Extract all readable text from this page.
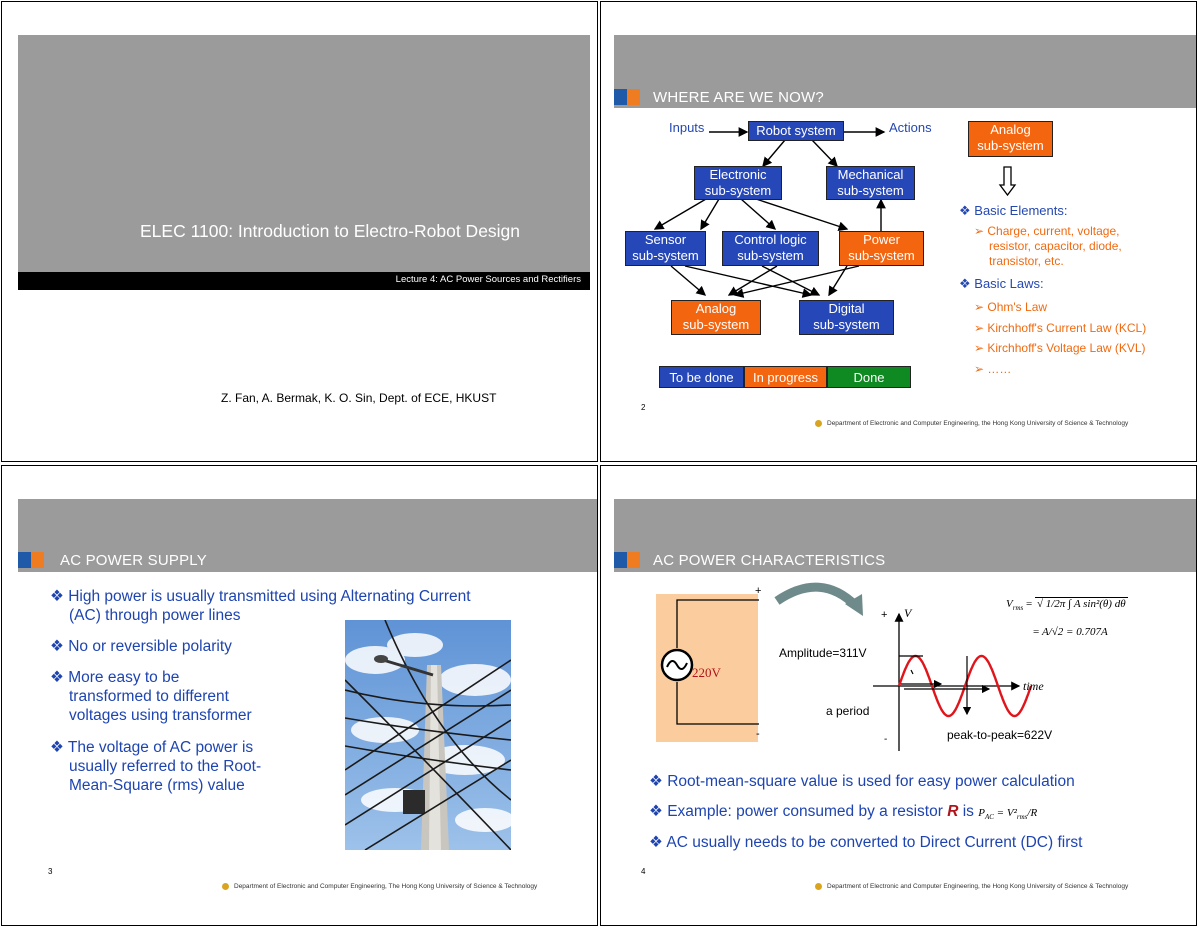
ELEC 1100: Introduction to Electro-Robot Design
Lecture 4: AC Power Sources and Rectifiers
Z. Fan, A. Bermak, K. O. Sin, Dept. of ECE, HKUST
WHERE ARE WE NOW?
Inputs	Actions
Robot system
Electronic
sub-system
Mechanical
sub-system
Sensor
sub-system
Control logic
sub-system
Power
sub-system
Analog
sub-system
Digital
sub-system
Analog
sub-system
To be done	In progress	Done
❖ Basic Elements:
➢ Charge, current, voltage,
resistor, capacitor, diode,
transistor, etc.
❖ Basic Laws:
➢ Ohm's Law
➢ Kirchhoff's Current Law (KCL)
➢ Kirchhoff's Voltage Law (KVL)
➢ ……
2
Department of Electronic and Computer Engineering, the Hong Kong University of Science & Technology
AC POWER SUPPLY
❖ High power is usually transmitted using Alternating Current
(AC) through power lines
❖ No or reversible polarity
❖ More easy to be
transformed to different
voltages using transformer
❖ The voltage of AC power is
usually referred to the Root-
Mean-Square (rms) value
3
Department of Electronic and Computer Engineering, The Hong Kong University of Science & Technology
AC POWER CHARACTERISTICS
220V
+
-
+ V
-
Amplitude=311V
time
a period
peak-to-peak=622V
$V_{rms}$ = √ 1/2π ∫ A sin²(θ) dθ
= A/√2 = 0.707A
❖ Root-mean-square value is used for easy power calculation
❖ Example: power consumed by a resistor R is $P_{AC} = V^2_{rms}/R$
❖ AC usually needs to be converted to Direct Current (DC) first
4
Department of Electronic and Computer Engineering, the Hong Kong University of Science & Technology
